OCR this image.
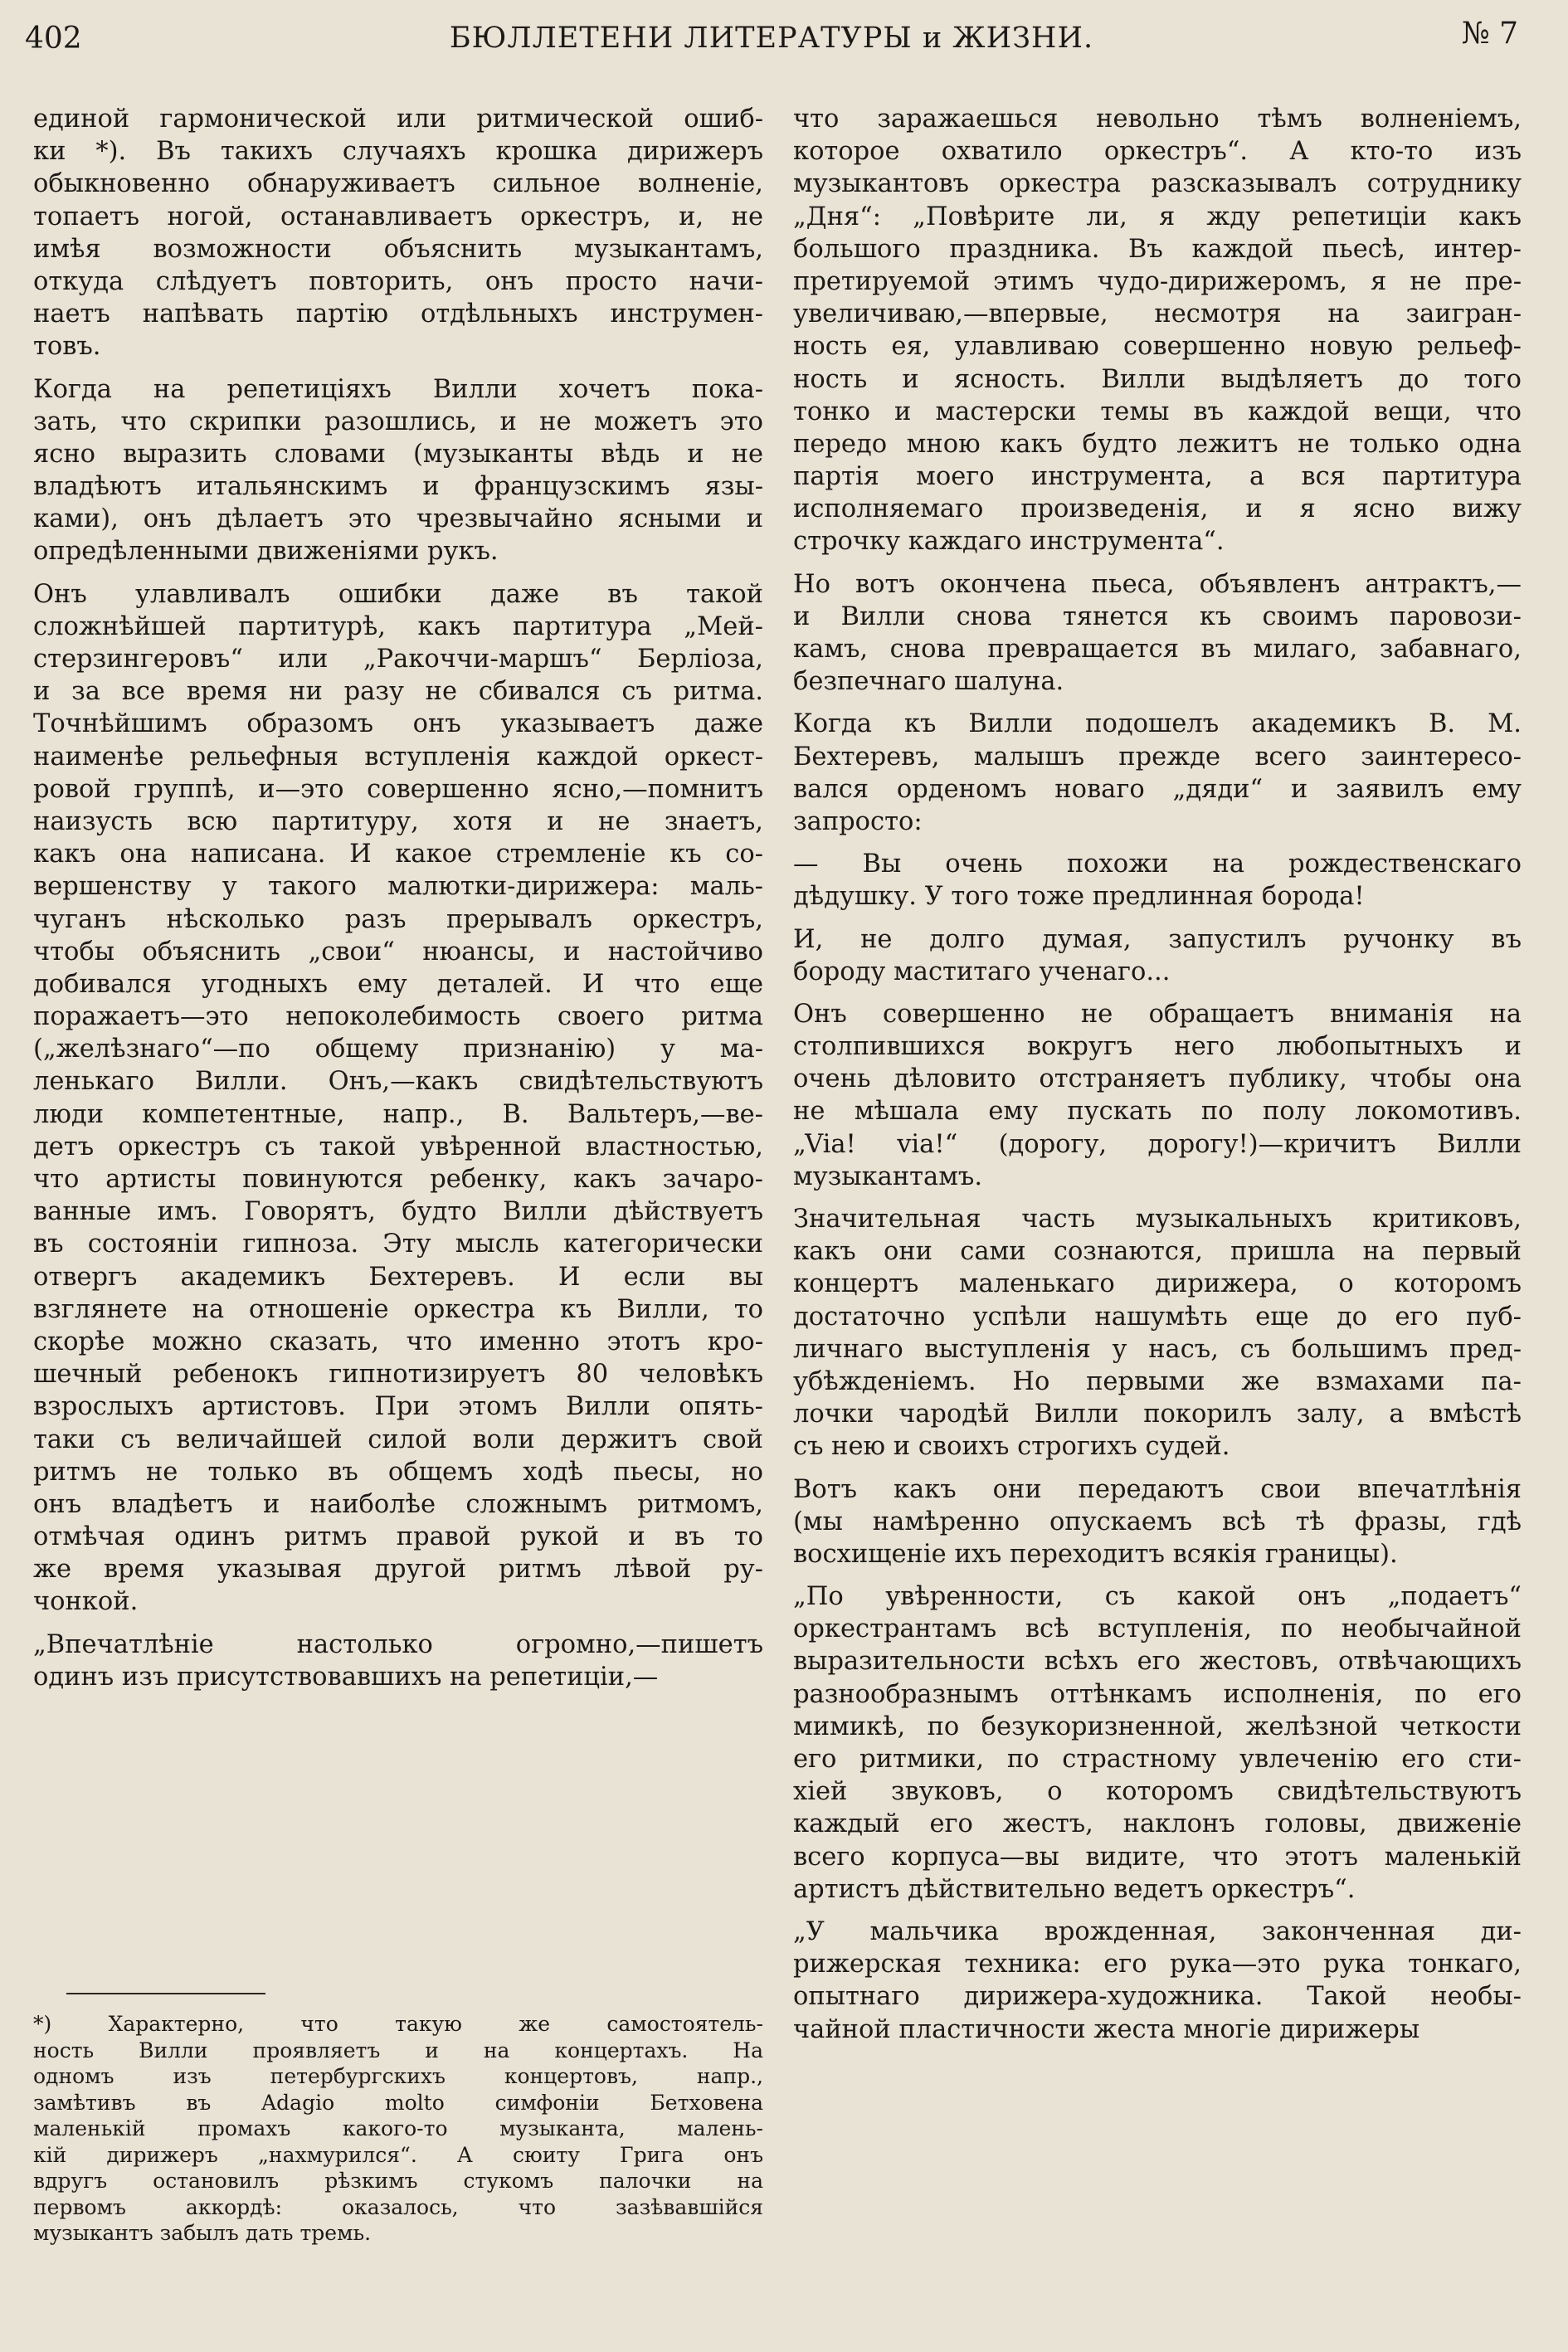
402	БЮЛЛЕТЕНИ ЛИТЕРАТУРЫ и ЖИЗНИ.	№ 7
единой гармонической или ритмической ошиб-
ки *). Въ такихъ случаяхъ крошка дирижеръ
обыкновенно обнаруживаетъ сильное волненіе,
топаетъ ногой, останавливаетъ оркестръ, и, не
имѣя возможности объяснить музыкантамъ,
откуда слѣдуетъ повторить, онъ просто начи-
наетъ напѣвать партію отдѣльныхъ инструмен-
товъ.
Когда на репетиціяхъ Вилли хочетъ пока-
зать, что скрипки разошлись, и не можетъ это
ясно выразить словами (музыканты вѣдь и не
владѣютъ итальянскимъ и французскимъ язы-
ками), онъ дѣлаетъ это чрезвычайно ясными и
опредѣленными движеніями рукъ.
Онъ улавливалъ ошибки даже въ такой
сложнѣйшей партитурѣ, какъ партитура „Мей-
стерзингеровъ“ или „Ракоччи-маршъ“ Берліоза,
и за все время ни разу не сбивался съ ритма.
Точнѣйшимъ образомъ онъ указываетъ даже
наименѣе рельефныя вступленія каждой оркест-
ровой группѣ, и—это совершенно ясно,—помнитъ
наизусть всю партитуру, хотя и не знаетъ,
какъ она написана. И какое стремленіе къ со-
вершенству у такого малютки-дирижера: маль-
чуганъ нѣсколько разъ прерывалъ оркестръ,
чтобы объяснить „свои“ нюансы, и настойчиво
добивался угодныхъ ему деталей. И что еще
поражаетъ—это непоколебимость своего ритма
(„желѣзнаго“—по общему признанію) у ма-
ленькаго Вилли. Онъ,—какъ свидѣтельствуютъ
люди компетентные, напр., В. Вальтеръ,—ве-
детъ оркестръ съ такой увѣренной властностью,
что артисты повинуются ребенку, какъ зачаро-
ванные имъ. Говорятъ, будто Вилли дѣйствуетъ
въ состояніи гипноза. Эту мысль категорически
отвергъ академикъ Бехтеревъ. И если вы
взглянете на отношеніе оркестра къ Вилли, то
скорѣе можно сказать, что именно этотъ кро-
шечный ребенокъ гипнотизируетъ 80 человѣкъ
взрослыхъ артистовъ. При этомъ Вилли опять-
таки съ величайшей силой воли держитъ свой
ритмъ не только въ общемъ ходѣ пьесы, но
онъ владѣетъ и наиболѣе сложнымъ ритмомъ,
отмѣчая одинъ ритмъ правой рукой и въ то
же время указывая другой ритмъ лѣвой ру-
чонкой.
„Впечатлѣніе настолько огромно,—пишетъ
одинъ изъ присутствовавшихъ на репетиціи,—
что заражаешься невольно тѣмъ волненіемъ,
которое охватило оркестръ“. А кто-то изъ
музыкантовъ оркестра разсказывалъ сотруднику
„Дня“: „Повѣрите ли, я жду репетиціи какъ
большого праздника. Въ каждой пьесѣ, интер-
претируемой этимъ чудо-дирижеромъ, я не пре-
увеличиваю,—впервые, несмотря на заигран-
ность ея, улавливаю совершенно новую рельеф-
ность и ясность. Вилли выдѣляетъ до того
тонко и мастерски темы въ каждой вещи, что
передо мною какъ будто лежитъ не только одна
партія моего инструмента, а вся партитура
исполняемаго произведенія, и я ясно вижу
строчку каждаго инструмента“.
Но вотъ окончена пьеса, объявленъ антрактъ,—
и Вилли снова тянется къ своимъ паровози-
камъ, снова превращается въ милаго, забавнаго,
безпечнаго шалуна.
Когда къ Вилли подошелъ академикъ В. М.
Бехтеревъ, малышъ прежде всего заинтересо-
вался орденомъ новаго „дяди“ и заявилъ ему
запросто:
— Вы очень похожи на рождественскаго
дѣдушку. У того тоже предлинная борода!
И, не долго думая, запустилъ ручонку въ
бороду маститаго ученаго...
Онъ совершенно не обращаетъ вниманія на
столпившихся вокругъ него любопытныхъ и
очень дѣловито отстраняетъ публику, чтобы она
не мѣшала ему пускать по полу локомотивъ.
„Via! via!“ (дорогу, дорогу!)—кричитъ Вилли
музыкантамъ.
Значительная часть музыкальныхъ критиковъ,
какъ они сами сознаются, пришла на первый
концертъ маленькаго дирижера, о которомъ
достаточно успѣли нашумѣть еще до его пуб-
личнаго выступленія у насъ, съ большимъ пред-
убѣжденіемъ. Но первыми же взмахами па-
лочки чародѣй Вилли покорилъ залу, а вмѣстѣ
съ нею и своихъ строгихъ судей.
Вотъ какъ они передаютъ свои впечатлѣнія
(мы намѣренно опускаемъ всѣ тѣ фразы, гдѣ
восхищеніе ихъ переходитъ всякія границы).
„По увѣренности, съ какой онъ „подаетъ“
оркестрантамъ всѣ вступленія, по необычайной
выразительности всѣхъ его жестовъ, отвѣчающихъ
разнообразнымъ оттѣнкамъ исполненія, по его
мимикѣ, по безукоризненной, желѣзной четкости
его ритмики, по страстному увлеченію его сти-
хіей звуковъ, о которомъ свидѣтельствуютъ
каждый его жестъ, наклонъ головы, движеніе
всего корпуса—вы видите, что этотъ маленькій
артистъ дѣйствительно ведетъ оркестръ“.
„У мальчика врожденная, законченная ди-
рижерская техника: его рука—это рука тонкаго,
опытнаго дирижера-художника. Такой необы-
чайной пластичности жеста многіе дирижеры
*) Характерно, что такую же самостоятель-
ность Вилли проявляетъ и на концертахъ. На
одномъ изъ петербургскихъ концертовъ, напр.,
замѣтивъ въ Adagio molto симфоніи Бетховена
маленькій промахъ какого-то музыканта, малень-
кій дирижеръ „нахмурился“. А сюиту Грига онъ
вдругъ остановилъ рѣзкимъ стукомъ палочки на
первомъ аккордѣ: оказалось, что зазѣвавшійся
музыкантъ забылъ дать тремь.
